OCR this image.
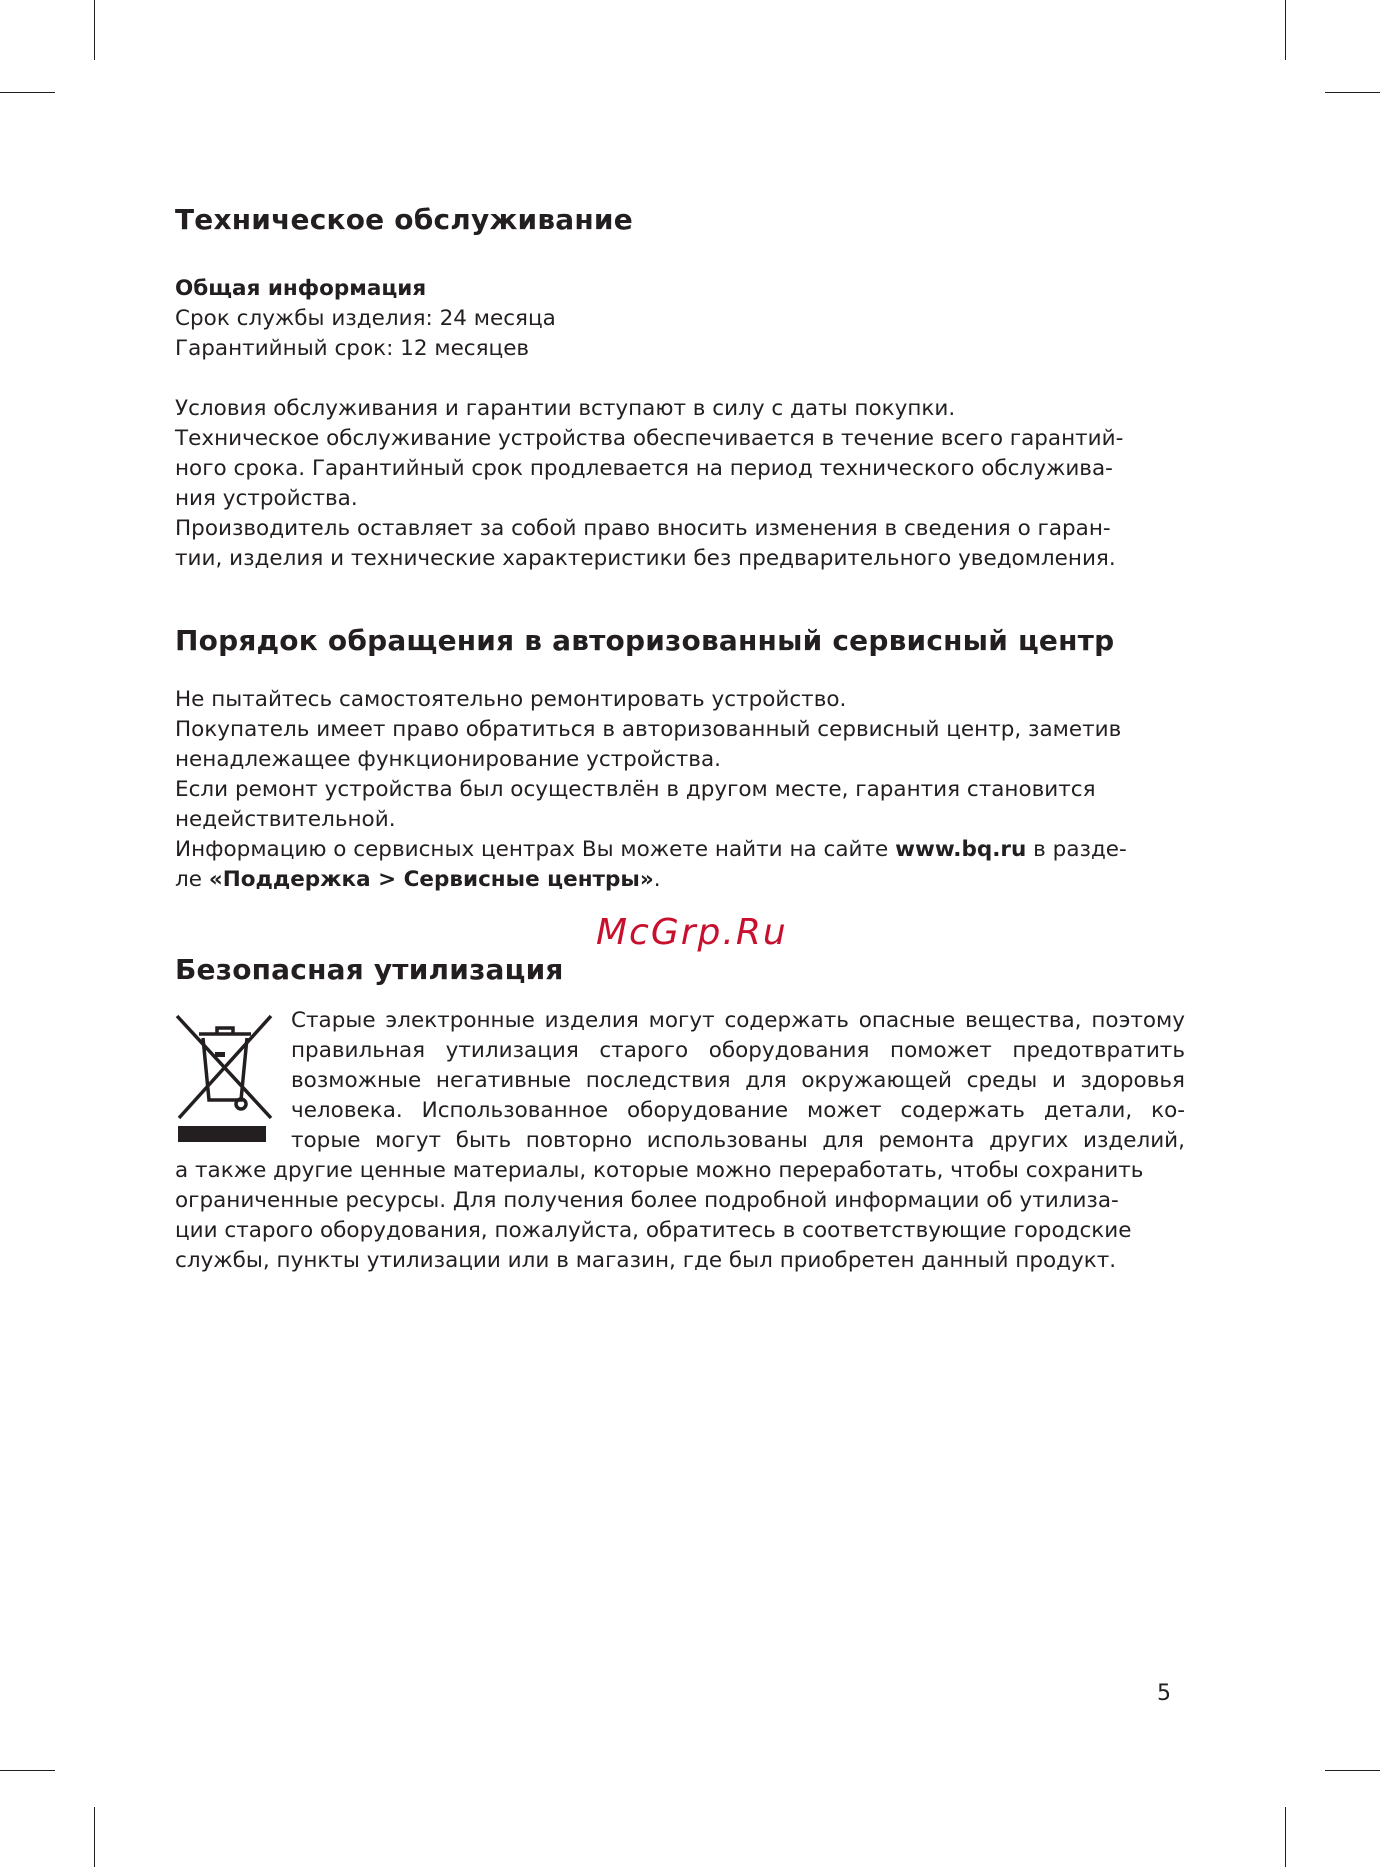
Техническое обслуживание

Общая информация

Срок службы изделия: 24 месяца

Гарантийный срок: 12 месяцев

Условия обслуживания и гарантии вступают в силу с даты покупки.

Техническое обслуживание устройства обеспечивается в течение всего гарантий-

ного срока. Гарантийный срок продлевается на период технического обслужива-

ния устройства.

Производитель оставляет за собой право вносить изменения в сведения о гаран-

тии, изделия и технические характеристики без предварительного уведомления.

Порядок обращения в авторизованный сервисный центр

Не пытайтесь самостоятельно ремонтировать устройство.

Покупатель имеет право обратиться в авторизованный сервисный центр, заметив

ненадлежащее функционирование устройства.

Если ремонт устройства был осуществлён в другом месте, гарантия становится

недействительной.

Информацию о сервисных центрах Вы можете найти на сайте www.bq.ru в разде-

ле «Поддержка > Сервисные центры».

McGrp.Ru
Безопасная утилизация

Старые электронные изделия могут содержать опасные вещества, поэтому

правильная утилизация старого оборудования поможет предотвратить

возможные негативные последствия для окружающей среды и здоровья

человека. Использованное оборудование может содержать детали, ко-

торые могут быть повторно использованы для ремонта других изделий,

а также другие ценные материалы, которые можно переработать, чтобы сохранить

ограниченные ресурсы. Для получения более подробной информации об утилиза-

ции старого оборудования, пожалуйста, обратитесь в соответствующие городские

службы, пункты утилизации или в магазин, где был приобретен данный продукт.

5
